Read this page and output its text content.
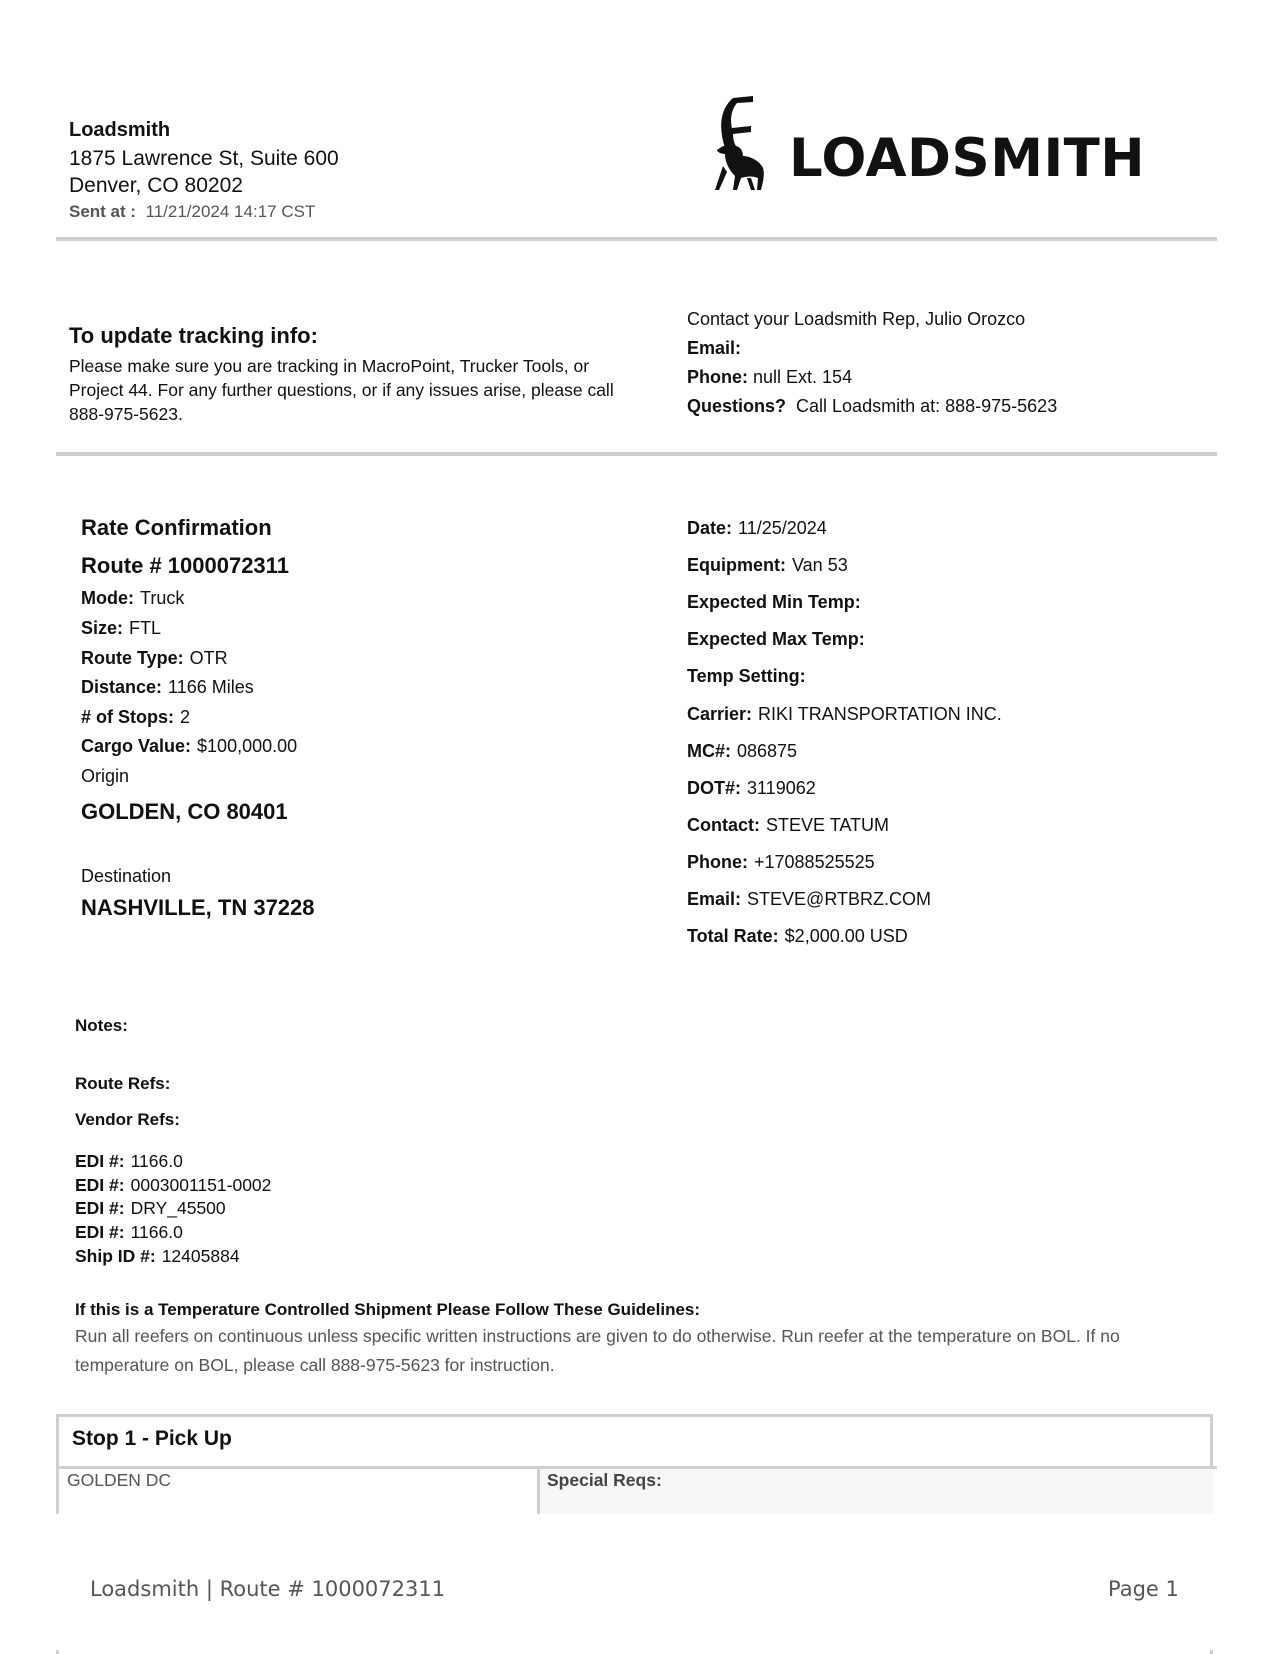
Loadsmith
1875 Lawrence St, Suite 600
Denver, CO 80202
Sent at : 11/21/2024 14:17 CST
LOADSMITH
To update tracking info:
Please make sure you are tracking in MacroPoint, Trucker Tools, or Project 44. For any further questions, or if any issues arise, please call 888-975-5623.
Contact your Loadsmith Rep, Julio Orozco
Email:
Phone: null Ext. 154
Questions? Call Loadsmith at: 888-975-5623
Rate Confirmation
Route # 1000072311
Mode: Truck
Size: FTL
Route Type: OTR
Distance: 1166 Miles
# of Stops: 2
Cargo Value: $100,000.00
Origin
GOLDEN, CO 80401
Destination
NASHVILLE, TN 37228
Date: 11/25/2024
Equipment: Van 53
Expected Min Temp:
Expected Max Temp:
Temp Setting:
Carrier: RIKI TRANSPORTATION INC.
MC#: 086875
DOT#: 3119062
Contact: STEVE TATUM
Phone: +17088525525
Email: STEVE@RTBRZ.COM
Total Rate: $2,000.00 USD
Notes:
Route Refs:
Vendor Refs:
EDI #: 1166.0
EDI #: 0003001151-0002
EDI #: DRY_45500
EDI #: 1166.0
Ship ID #: 12405884
If this is a Temperature Controlled Shipment Please Follow These Guidelines:
Run all reefers on continuous unless specific written instructions are given to do otherwise. Run reefer at the temperature on BOL. If no temperature on BOL, please call 888-975-5623 for instruction.
Stop 1 - Pick Up
GOLDEN DC	Special Reqs:
Loadsmith | Route # 1000072311	Page 1
